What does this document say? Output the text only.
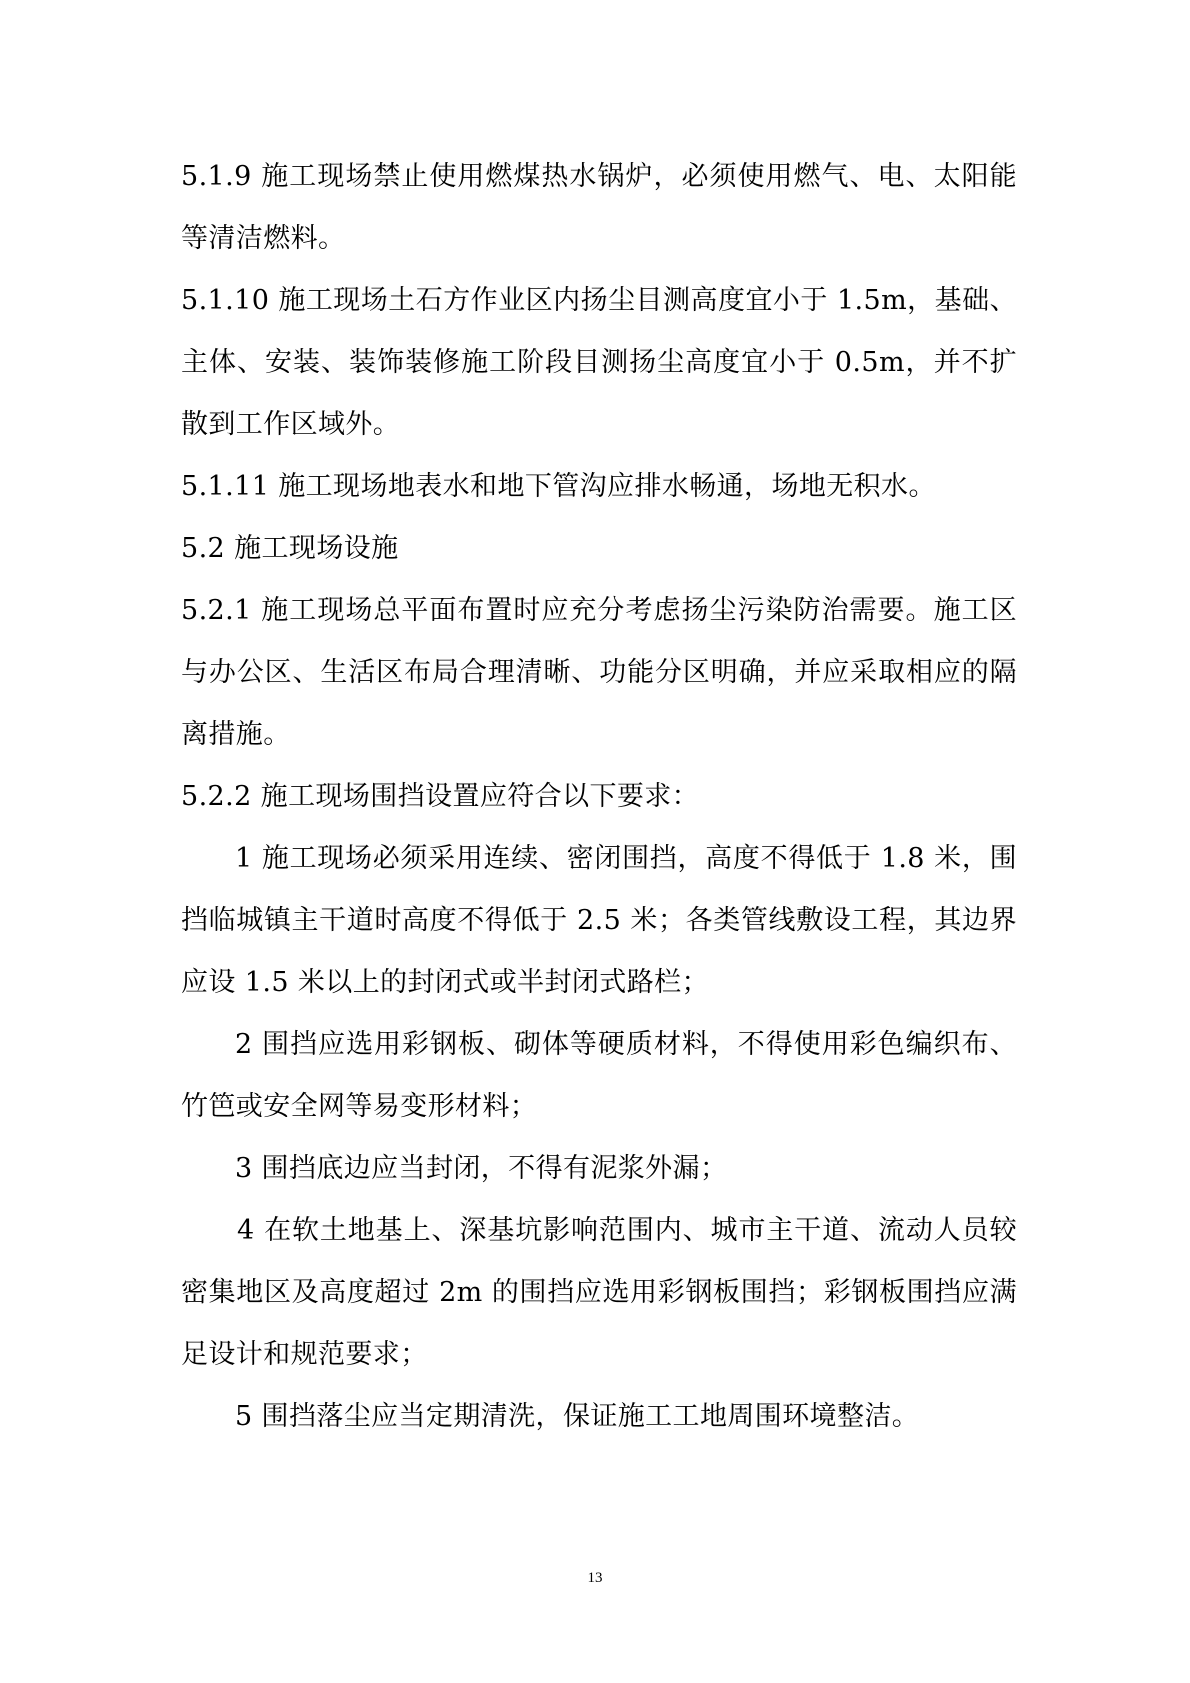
5.1.9 施工现场禁止使用燃煤热水锅炉，必须使用燃气、电、太阳能等清洁燃料。

5.1.10 施工现场土石方作业区内扬尘目测高度宜小于 1.5m，基础、主体、安装、装饰装修施工阶段目测扬尘高度宜小于 0.5m，并不扩散到工作区域外。

5.1.11 施工现场地表水和地下管沟应排水畅通，场地无积水。

5.2 施工现场设施

5.2.1 施工现场总平面布置时应充分考虑扬尘污染防治需要。施工区与办公区、生活区布局合理清晰、功能分区明确，并应采取相应的隔离措施。

5.2.2 施工现场围挡设置应符合以下要求：

1 施工现场必须采用连续、密闭围挡，高度不得低于 1.8 米，围挡临城镇主干道时高度不得低于 2.5 米；各类管线敷设工程，其边界应设 1.5 米以上的封闭式或半封闭式路栏；

2 围挡应选用彩钢板、砌体等硬质材料，不得使用彩色编织布、竹笆或安全网等易变形材料；

3 围挡底边应当封闭，不得有泥浆外漏；

4 在软土地基上、深基坑影响范围内、城市主干道、流动人员较密集地区及高度超过 2m 的围挡应选用彩钢板围挡；彩钢板围挡应满足设计和规范要求；

5 围挡落尘应当定期清洗，保证施工工地周围环境整洁。

13
